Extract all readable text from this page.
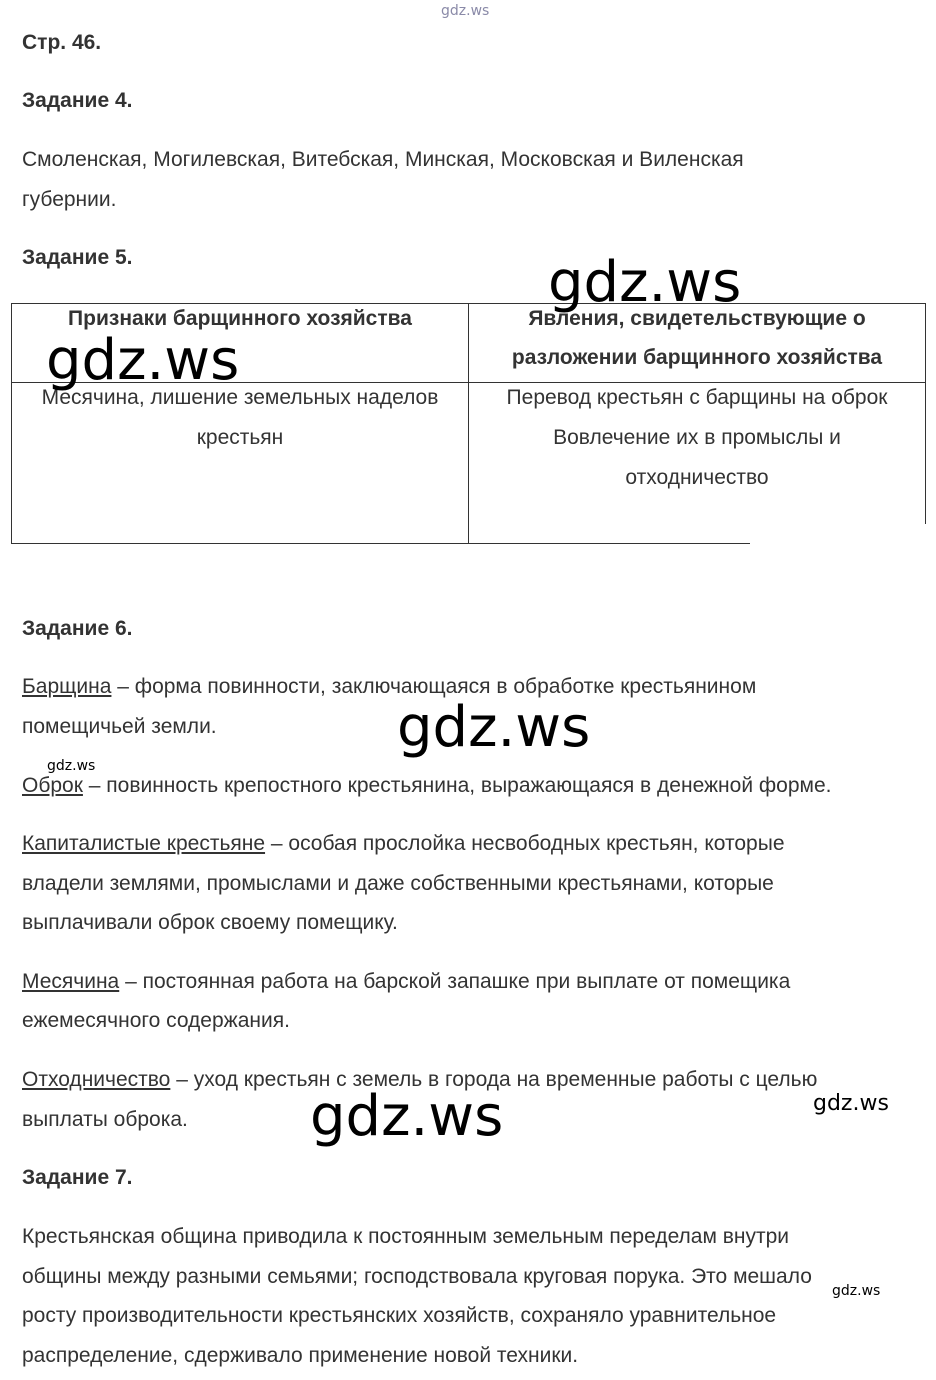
gdz.ws
Стр. 46.
Задание 4.
Смоленская, Могилевская, Витебская, Минская, Московская и Виленская
губернии.
Задание 5.
Признаки барщинного хозяйства	Явления, свидетельствующие о
разложении барщинного хозяйства
Месячина, лишение земельных наделов
крестьян
Перевод крестьян с барщины на оброк
Вовлечение их в промыслы и
отходничество
Задание 6.
Барщина – форма повинности, заключающаяся в обработке крестьянином
помещичьей земли.
Оброк – повинность крепостного крестьянина, выражающаяся в денежной форме.
Капиталистые крестьяне – особая прослойка несвободных крестьян, которые
владели землями, промыслами и даже собственными крестьянами, которые
выплачивали оброк своему помещику.
Месячина – постоянная работа на барской запашке при выплате от помещика
ежемесячного содержания.
Отходничество – уход крестьян с земель в города на временные работы с целью
выплаты оброка.
Задание 7.
Крестьянская община приводила к постоянным земельным переделам внутри
общины между разными семьями; господствовала круговая порука. Это мешало
росту производительности крестьянских хозяйств, сохраняло уравнительное
распределение, сдерживало применение новой техники.
gdz.ws
gdz.ws
gdz.ws
gdz.ws
gdz.ws
gdz.ws
gdz.ws
